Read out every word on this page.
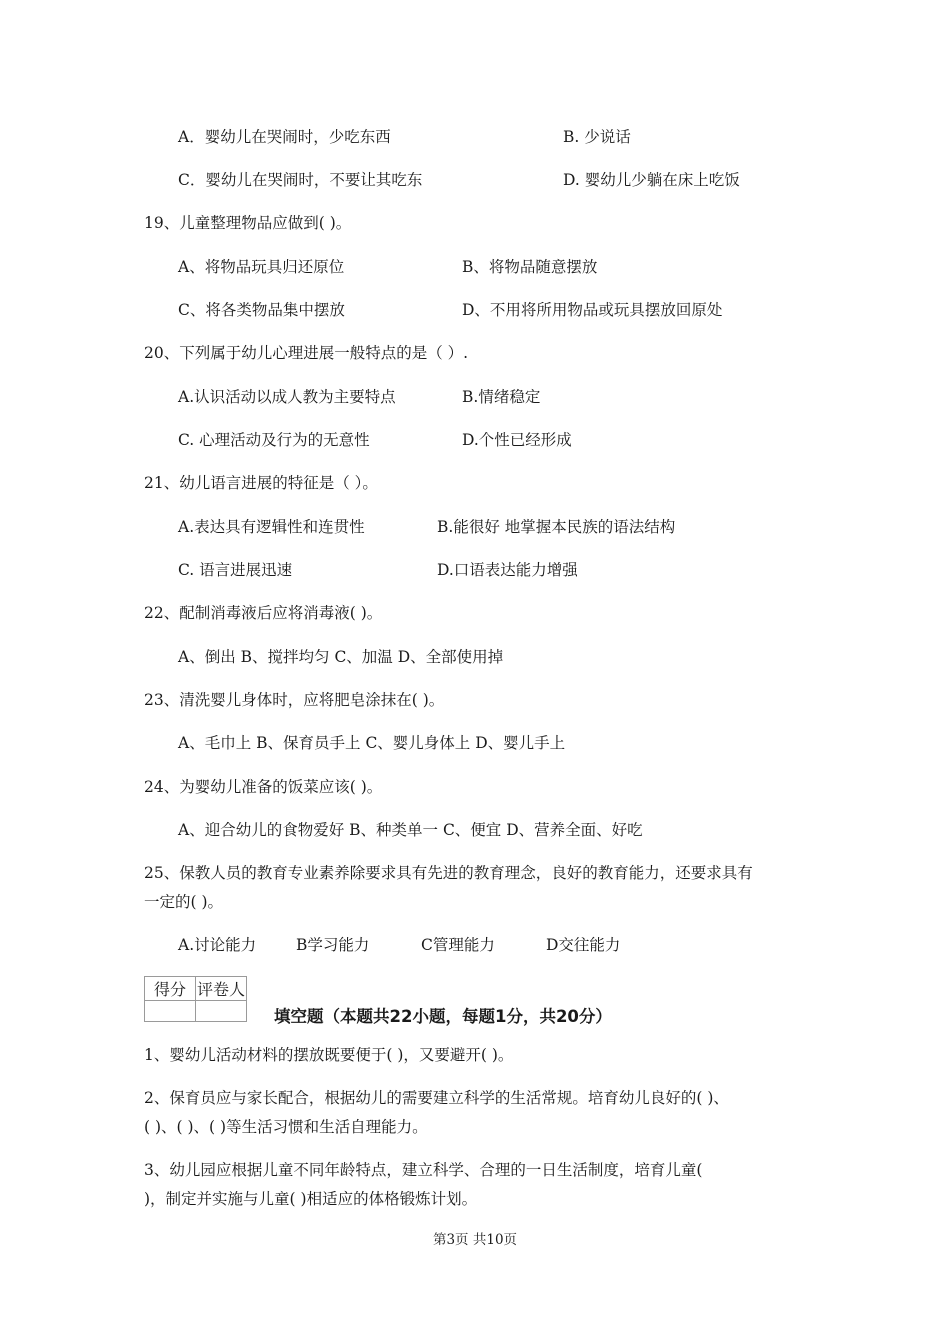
A．婴幼儿在哭闹时，少吃东西	B. 少说话
C．婴幼儿在哭闹时，不要让其吃东	D. 婴幼儿少躺在床上吃饭
19、儿童整理物品应做到( )。
A、将物品玩具归还原位	B、将物品随意摆放
C、将各类物品集中摆放	D、不用将所用物品或玩具摆放回原处
20、下列属于幼儿心理进展一般特点的是（ ）.
A.认识活动以成人教为主要特点	B.情绪稳定
C. 心理活动及行为的无意性	D.个性已经形成
21、幼儿语言进展的特征是（ ）。
A.表达具有逻辑性和连贯性	B.能很好 地掌握本民族的语法结构
C. 语言进展迅速	D.口语表达能力增强
22、配制消毒液后应将消毒液( )。
A、倒出 B、搅拌均匀 C、加温 D、全部使用掉
23、清洗婴儿身体时，应将肥皂涂抹在( )。
A、毛巾上 B、保育员手上 C、婴儿身体上 D、婴儿手上
24、为婴幼儿准备的饭菜应该( )。
A、迎合幼儿的食物爱好 B、种类单一 C、便宜 D、营养全面、好吃
25、保教人员的教育专业素养除要求具有先进的教育理念，良好的教育能力，还要求具有
一定的( )。
A.讨论能力	B学习能力	C管理能力	D交往能力
得分	评卷人

填空题（本题共22小题，每题1分，共20分）
1、婴幼儿活动材料的摆放既要便于( )，又要避开( )。
2、保育员应与家长配合，根据幼儿的需要建立科学的生活常规。培育幼儿良好的( )、
( )、( )、( )等生活习惯和生活自理能力。
3、幼儿园应根据儿童不同年龄特点，建立科学、合理的一日生活制度，培育儿童(
)，制定并实施与儿童( )相适应的体格锻炼计划。
第3页 共10页
